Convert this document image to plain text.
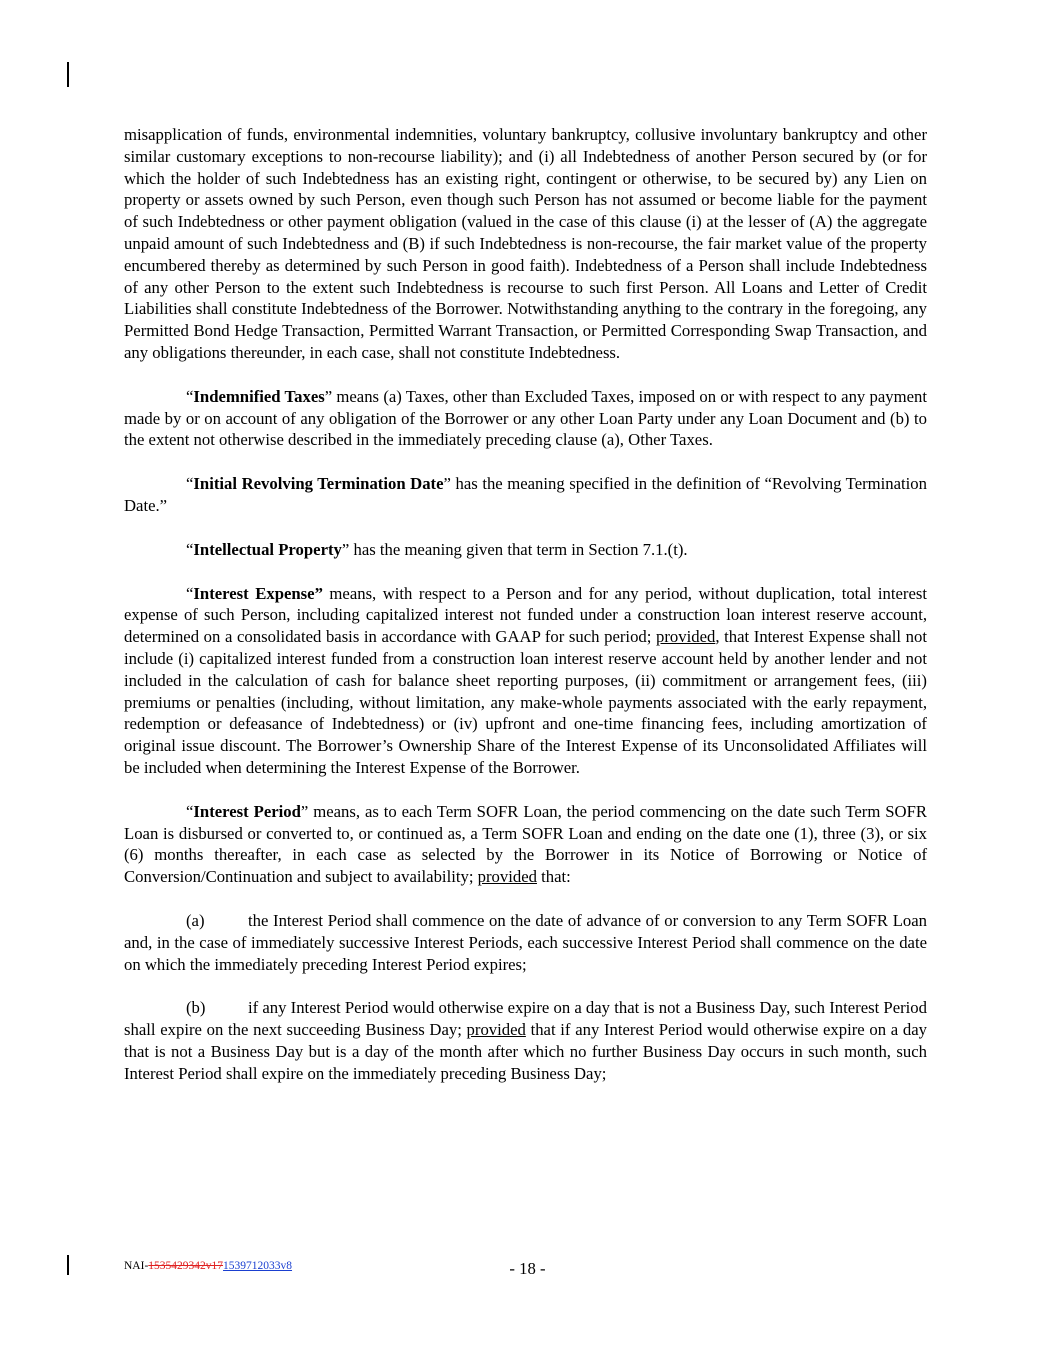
misapplication of funds, environmental indemnities, voluntary bankruptcy, collusive involuntary bankruptcy and other similar customary exceptions to non-recourse liability); and (i) all Indebtedness of another Person secured by (or for which the holder of such Indebtedness has an existing right, contingent or otherwise, to be secured by) any Lien on property or assets owned by such Person, even though such Person has not assumed or become liable for the payment of such Indebtedness or other payment obligation (valued in the case of this clause (i) at the lesser of (A) the aggregate unpaid amount of such Indebtedness and (B) if such Indebtedness is non-recourse, the fair market value of the property encumbered thereby as determined by such Person in good faith). Indebtedness of a Person shall include Indebtedness of any other Person to the extent such Indebtedness is recourse to such first Person. All Loans and Letter of Credit Liabilities shall constitute Indebtedness of the Borrower. Notwithstanding anything to the contrary in the foregoing, any Permitted Bond Hedge Transaction, Permitted Warrant Transaction, or Permitted Corresponding Swap Transaction, and any obligations thereunder, in each case, shall not constitute Indebtedness.

“Indemnified Taxes” means (a) Taxes, other than Excluded Taxes, imposed on or with respect to any payment made by or on account of any obligation of the Borrower or any other Loan Party under any Loan Document and (b) to the extent not otherwise described in the immediately preceding clause (a), Other Taxes.

“Initial Revolving Termination Date” has the meaning specified in the definition of “Revolving Termination Date.”

“Intellectual Property” has the meaning given that term in Section 7.1.(t).

“Interest Expense” means, with respect to a Person and for any period, without duplication, total interest expense of such Person, including capitalized interest not funded under a construction loan interest reserve account, determined on a consolidated basis in accordance with GAAP for such period; provided, that Interest Expense shall not include (i) capitalized interest funded from a construction loan interest reserve account held by another lender and not included in the calculation of cash for balance sheet reporting purposes, (ii) commitment or arrangement fees, (iii) premiums or penalties (including, without limitation, any make-whole payments associated with the early repayment, redemption or defeasance of Indebtedness) or (iv) upfront and one-time financing fees, including amortization of original issue discount. The Borrower’s Ownership Share of the Interest Expense of its Unconsolidated Affiliates will be included when determining the Interest Expense of the Borrower.

“Interest Period” means, as to each Term SOFR Loan, the period commencing on the date such Term SOFR Loan is disbursed or converted to, or continued as, a Term SOFR Loan and ending on the date one (1), three (3), or six (6) months thereafter, in each case as selected by the Borrower in its Notice of Borrowing or Notice of Conversion/Continuation and subject to availability; provided that:

(a)	the Interest Period shall commence on the date of advance of or conversion to any Term SOFR Loan and, in the case of immediately successive Interest Periods, each successive Interest Period shall commence on the date on which the immediately preceding Interest Period expires;

(b)	if any Interest Period would otherwise expire on a day that is not a Business Day, such Interest Period shall expire on the next succeeding Business Day; provided that if any Interest Period would otherwise expire on a day that is not a Business Day but is a day of the month after which no further Business Day occurs in such month, such Interest Period shall expire on the immediately preceding Business Day;

NAI-1535429342v171539712033v8	- 18 -
